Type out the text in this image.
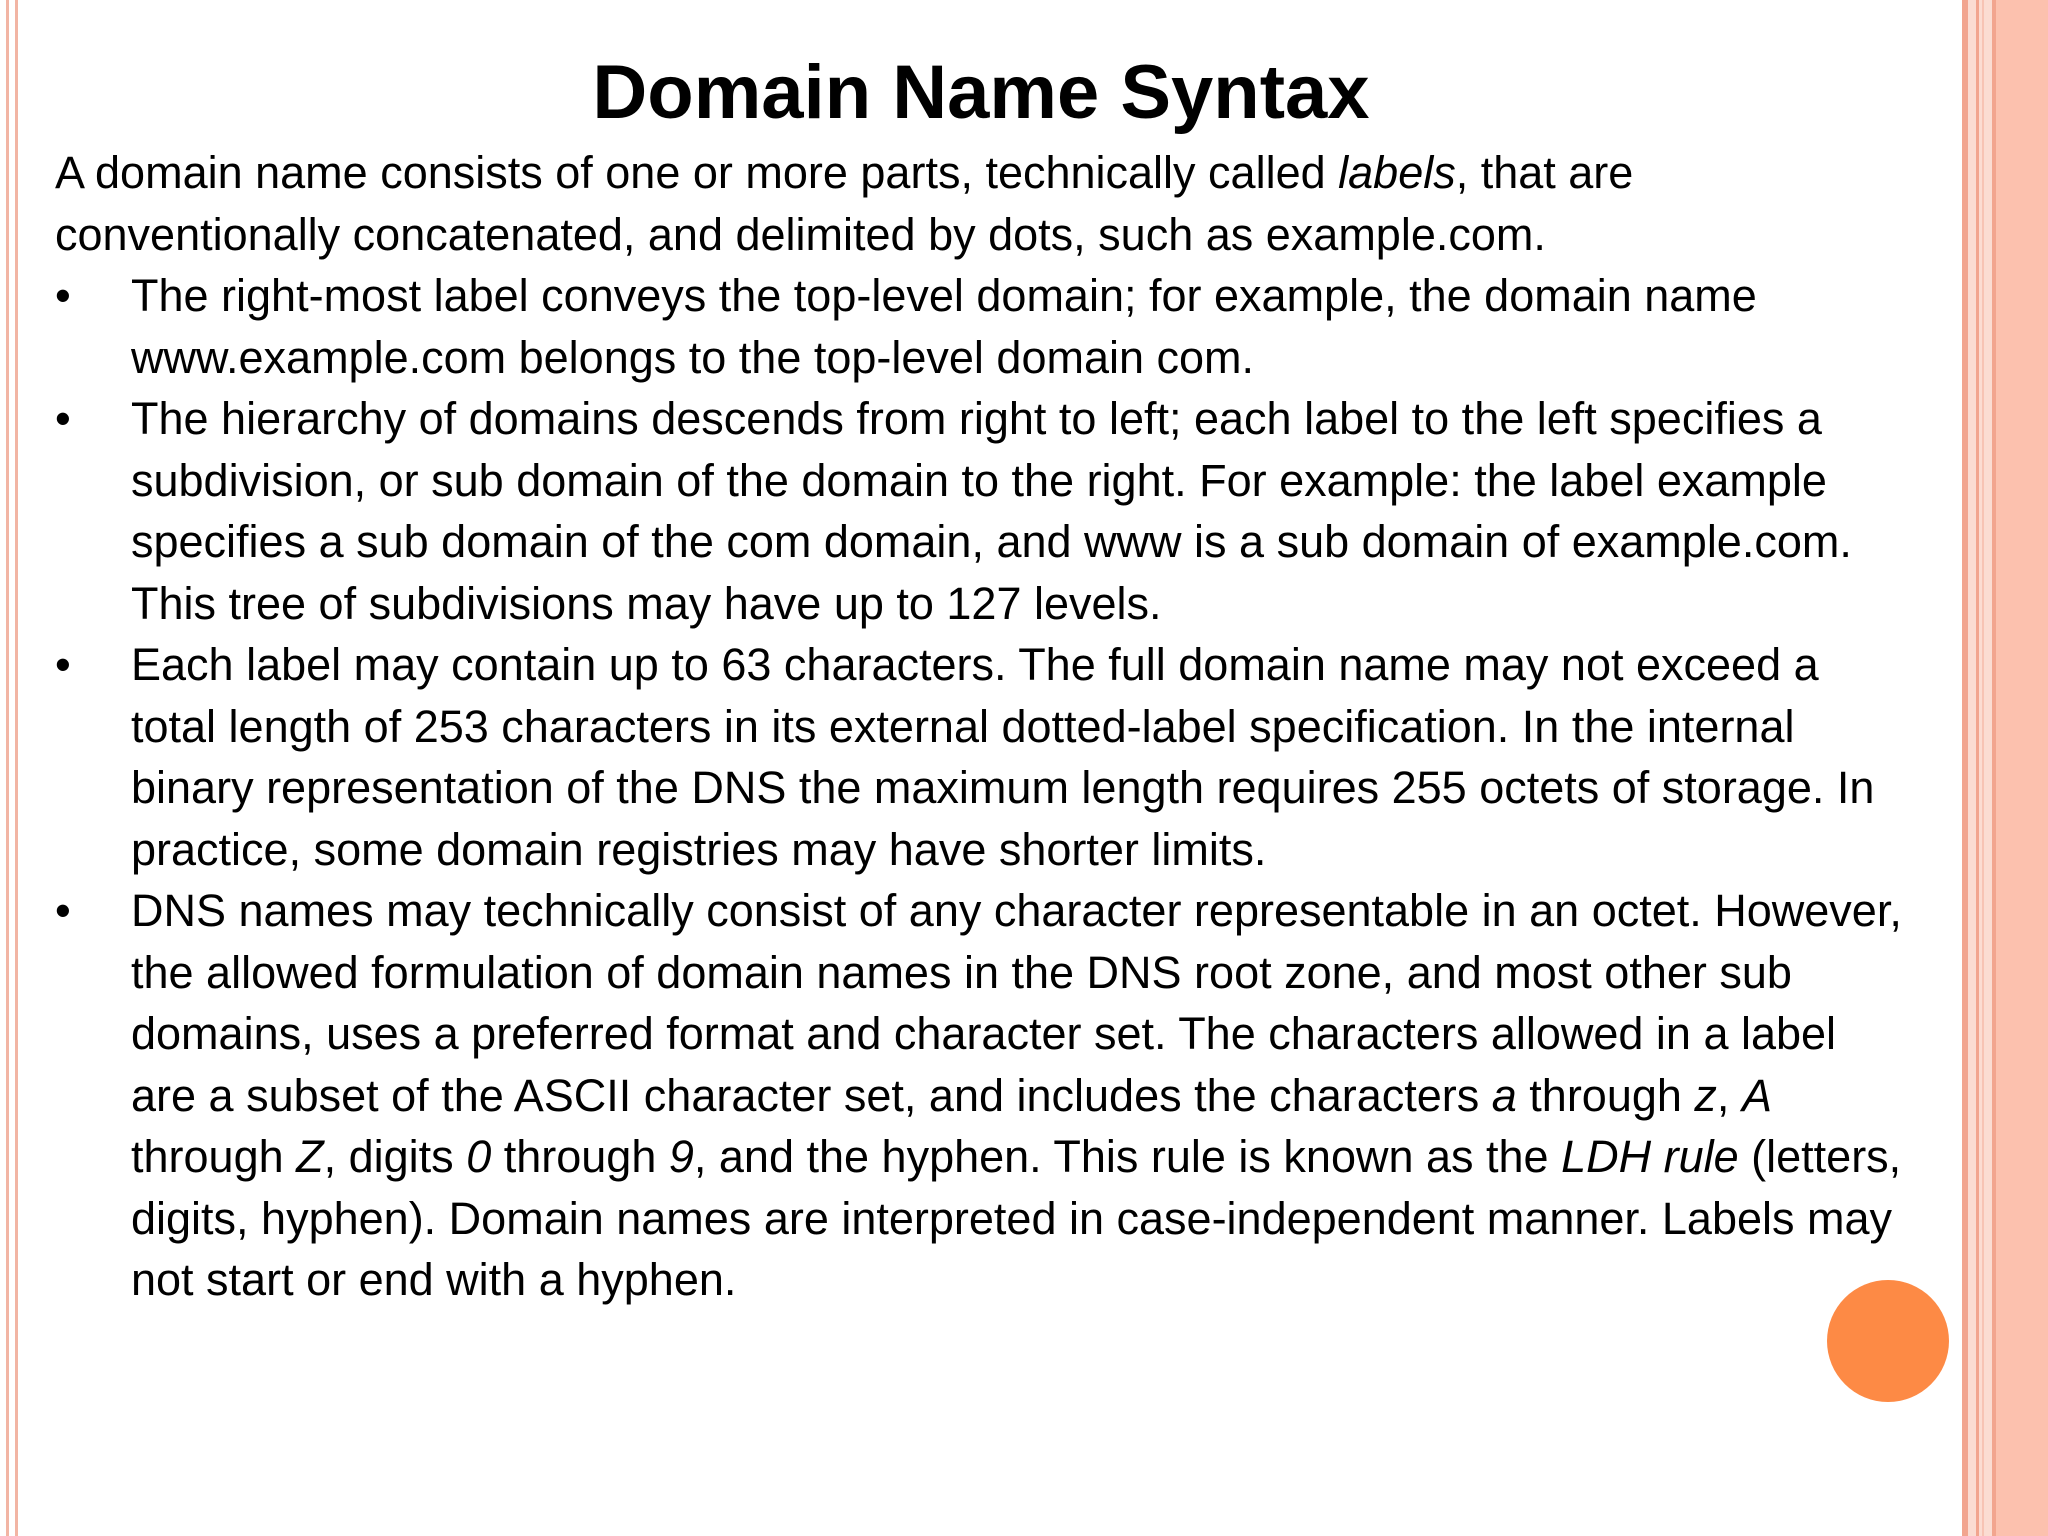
Domain Name Syntax

A domain name consists of one or more parts, technically called labels, that are conventionally concatenated, and delimited by dots, such as example.com.

•	The right-most label conveys the top-level domain; for example, the domain name www.example.com belongs to the top-level domain com.
•	The hierarchy of domains descends from right to left; each label to the left specifies a subdivision, or sub domain of the domain to the right. For example: the label example specifies a sub domain of the com domain, and www is a sub domain of example.com. This tree of subdivisions may have up to 127 levels.
•	Each label may contain up to 63 characters. The full domain name may not exceed a total length of 253 characters in its external dotted-label specification. In the internal binary representation of the DNS the maximum length requires 255 octets of storage. In practice, some domain registries may have shorter limits.
•	DNS names may technically consist of any character representable in an octet. However, the allowed formulation of domain names in the DNS root zone, and most other sub domains, uses a preferred format and character set. The characters allowed in a label are a subset of the ASCII character set, and includes the characters a through z, A through Z, digits 0 through 9, and the hyphen. This rule is known as the LDH rule (letters, digits, hyphen). Domain names are interpreted in case-independent manner. Labels may not start or end with a hyphen.
